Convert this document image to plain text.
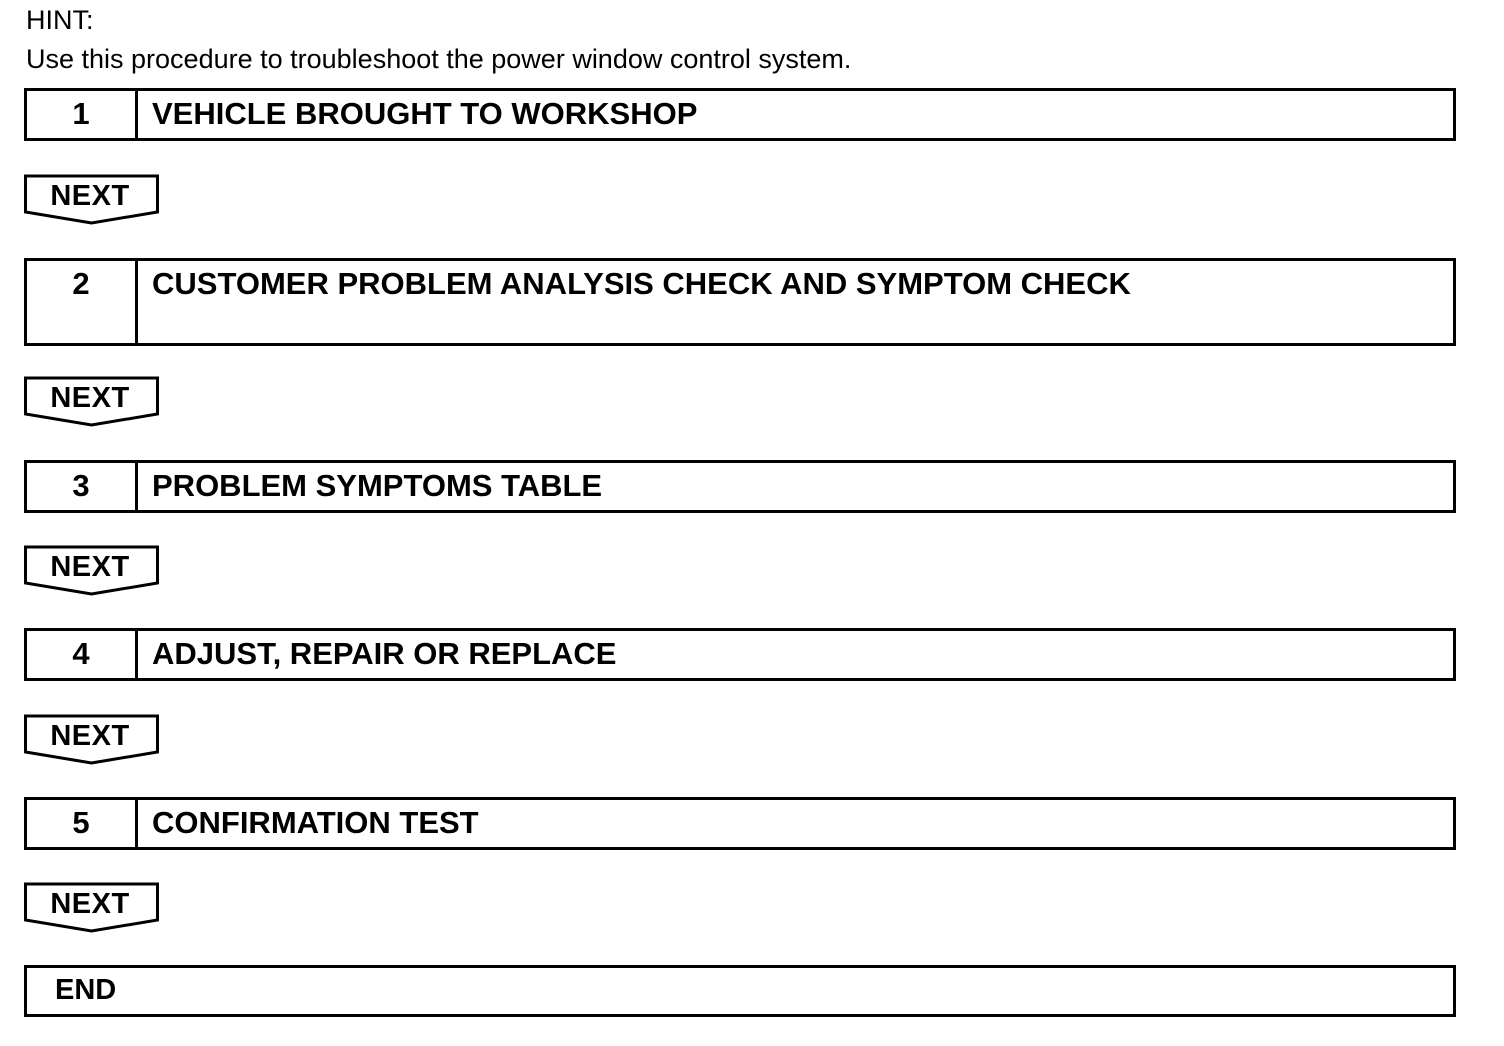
HINT:
Use this procedure to troubleshoot the power window control system.
1	VEHICLE BROUGHT TO WORKSHOP
NEXT
2	CUSTOMER PROBLEM ANALYSIS CHECK AND SYMPTOM CHECK
NEXT
3	PROBLEM SYMPTOMS TABLE
NEXT
4	ADJUST, REPAIR OR REPLACE
NEXT
5	CONFIRMATION TEST
NEXT
END
